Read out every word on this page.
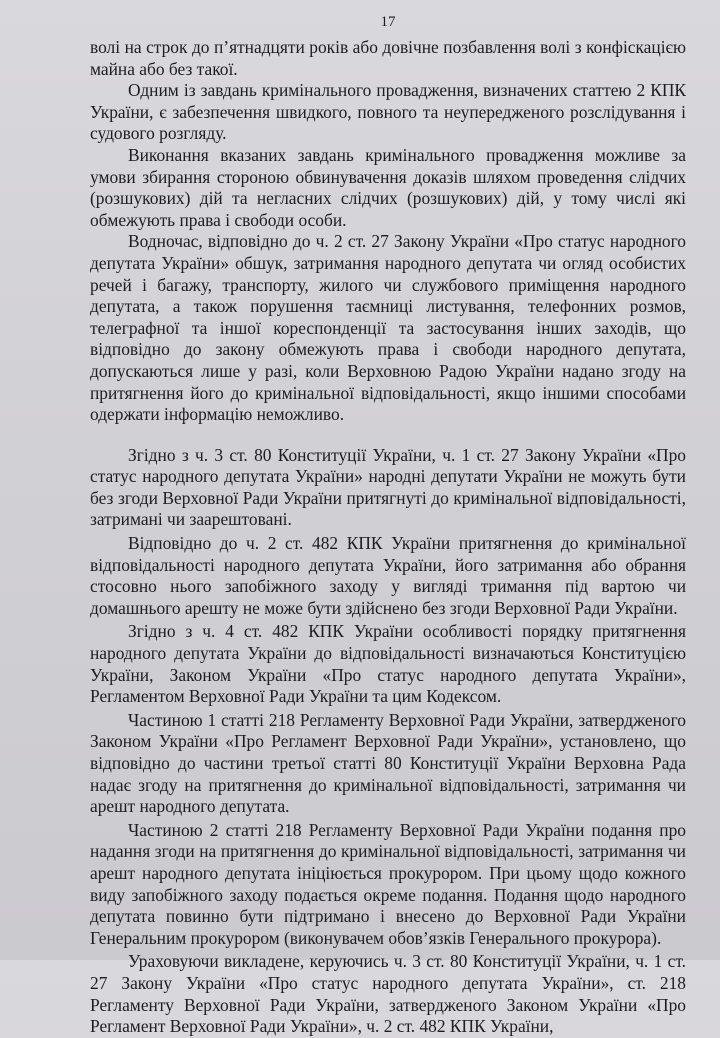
17

волі на строк до п’ятнадцяти років або довічне позбавлення волі з конфіскацією майна або без такої.

Одним із завдань кримінального провадження, визначених статтею 2 КПК України, є забезпечення швидкого, повного та неупередженого розслідування і судового розгляду.

Виконання вказаних завдань кримінального провадження можливе за умови збирання стороною обвинувачення доказів шляхом проведення слідчих (розшукових) дій та негласних слідчих (розшукових) дій, у тому числі які обмежують права і свободи особи.

Водночас, відповідно до ч. 2 ст. 27 Закону України «Про статус народного депутата України» обшук, затримання народного депутата чи огляд особистих речей і багажу, транспорту, жилого чи службового приміщення народного депутата, а також порушення таємниці листування, телефонних розмов, телеграфної та іншої кореспонденції та застосування інших заходів, що відповідно до закону обмежують права і свободи народного депутата, допускаються лише у разі, коли Верховною Радою України надано згоду на притягнення його до кримінальної відповідальності, якщо іншими способами одержати інформацію неможливо.

Згідно з ч. 3 ст. 80 Конституції України, ч. 1 ст. 27 Закону України «Про статус народного депутата України» народні депутати України не можуть бути без згоди Верховної Ради України притягнуті до кримінальної відповідальності, затримані чи заарештовані.

Відповідно до ч. 2 ст. 482 КПК України притягнення до кримінальної відповідальності народного депутата України, його затримання або обрання стосовно нього запобіжного заходу у вигляді тримання під вартою чи домашнього арешту не може бути здійснено без згоди Верховної Ради України.

Згідно з ч. 4 ст. 482 КПК України особливості порядку притягнення народного депутата України до відповідальності визначаються Конституцією України, Законом України «Про статус народного депутата України», Регламентом Верховної Ради України та цим Кодексом.

Частиною 1 статті 218 Регламенту Верховної Ради України, затвердженого Законом України «Про Регламент Верховної Ради України», установлено, що відповідно до частини третьої статті 80 Конституції України Верховна Рада надає згоду на притягнення до кримінальної відповідальності, затримання чи арешт народного депутата.

Частиною 2 статті 218 Регламенту Верховної Ради України подання про надання згоди на притягнення до кримінальної відповідальності, затримання чи арешт народного депутата ініціюється прокурором. При цьому щодо кожного виду запобіжного заходу подається окреме подання. Подання щодо народного депутата повинно бути підтримано і внесено до Верховної Ради України Генеральним прокурором (виконувачем обов’язків Генерального прокурора).

Ураховуючи викладене, керуючись ч. 3 ст. 80 Конституції України, ч. 1 ст. 27 Закону України «Про статус народного депутата України», ст. 218 Регламенту Верховної Ради України, затвердженого Законом України «Про Регламент Верховної Ради України», ч. 2 ст. 482 КПК України,
